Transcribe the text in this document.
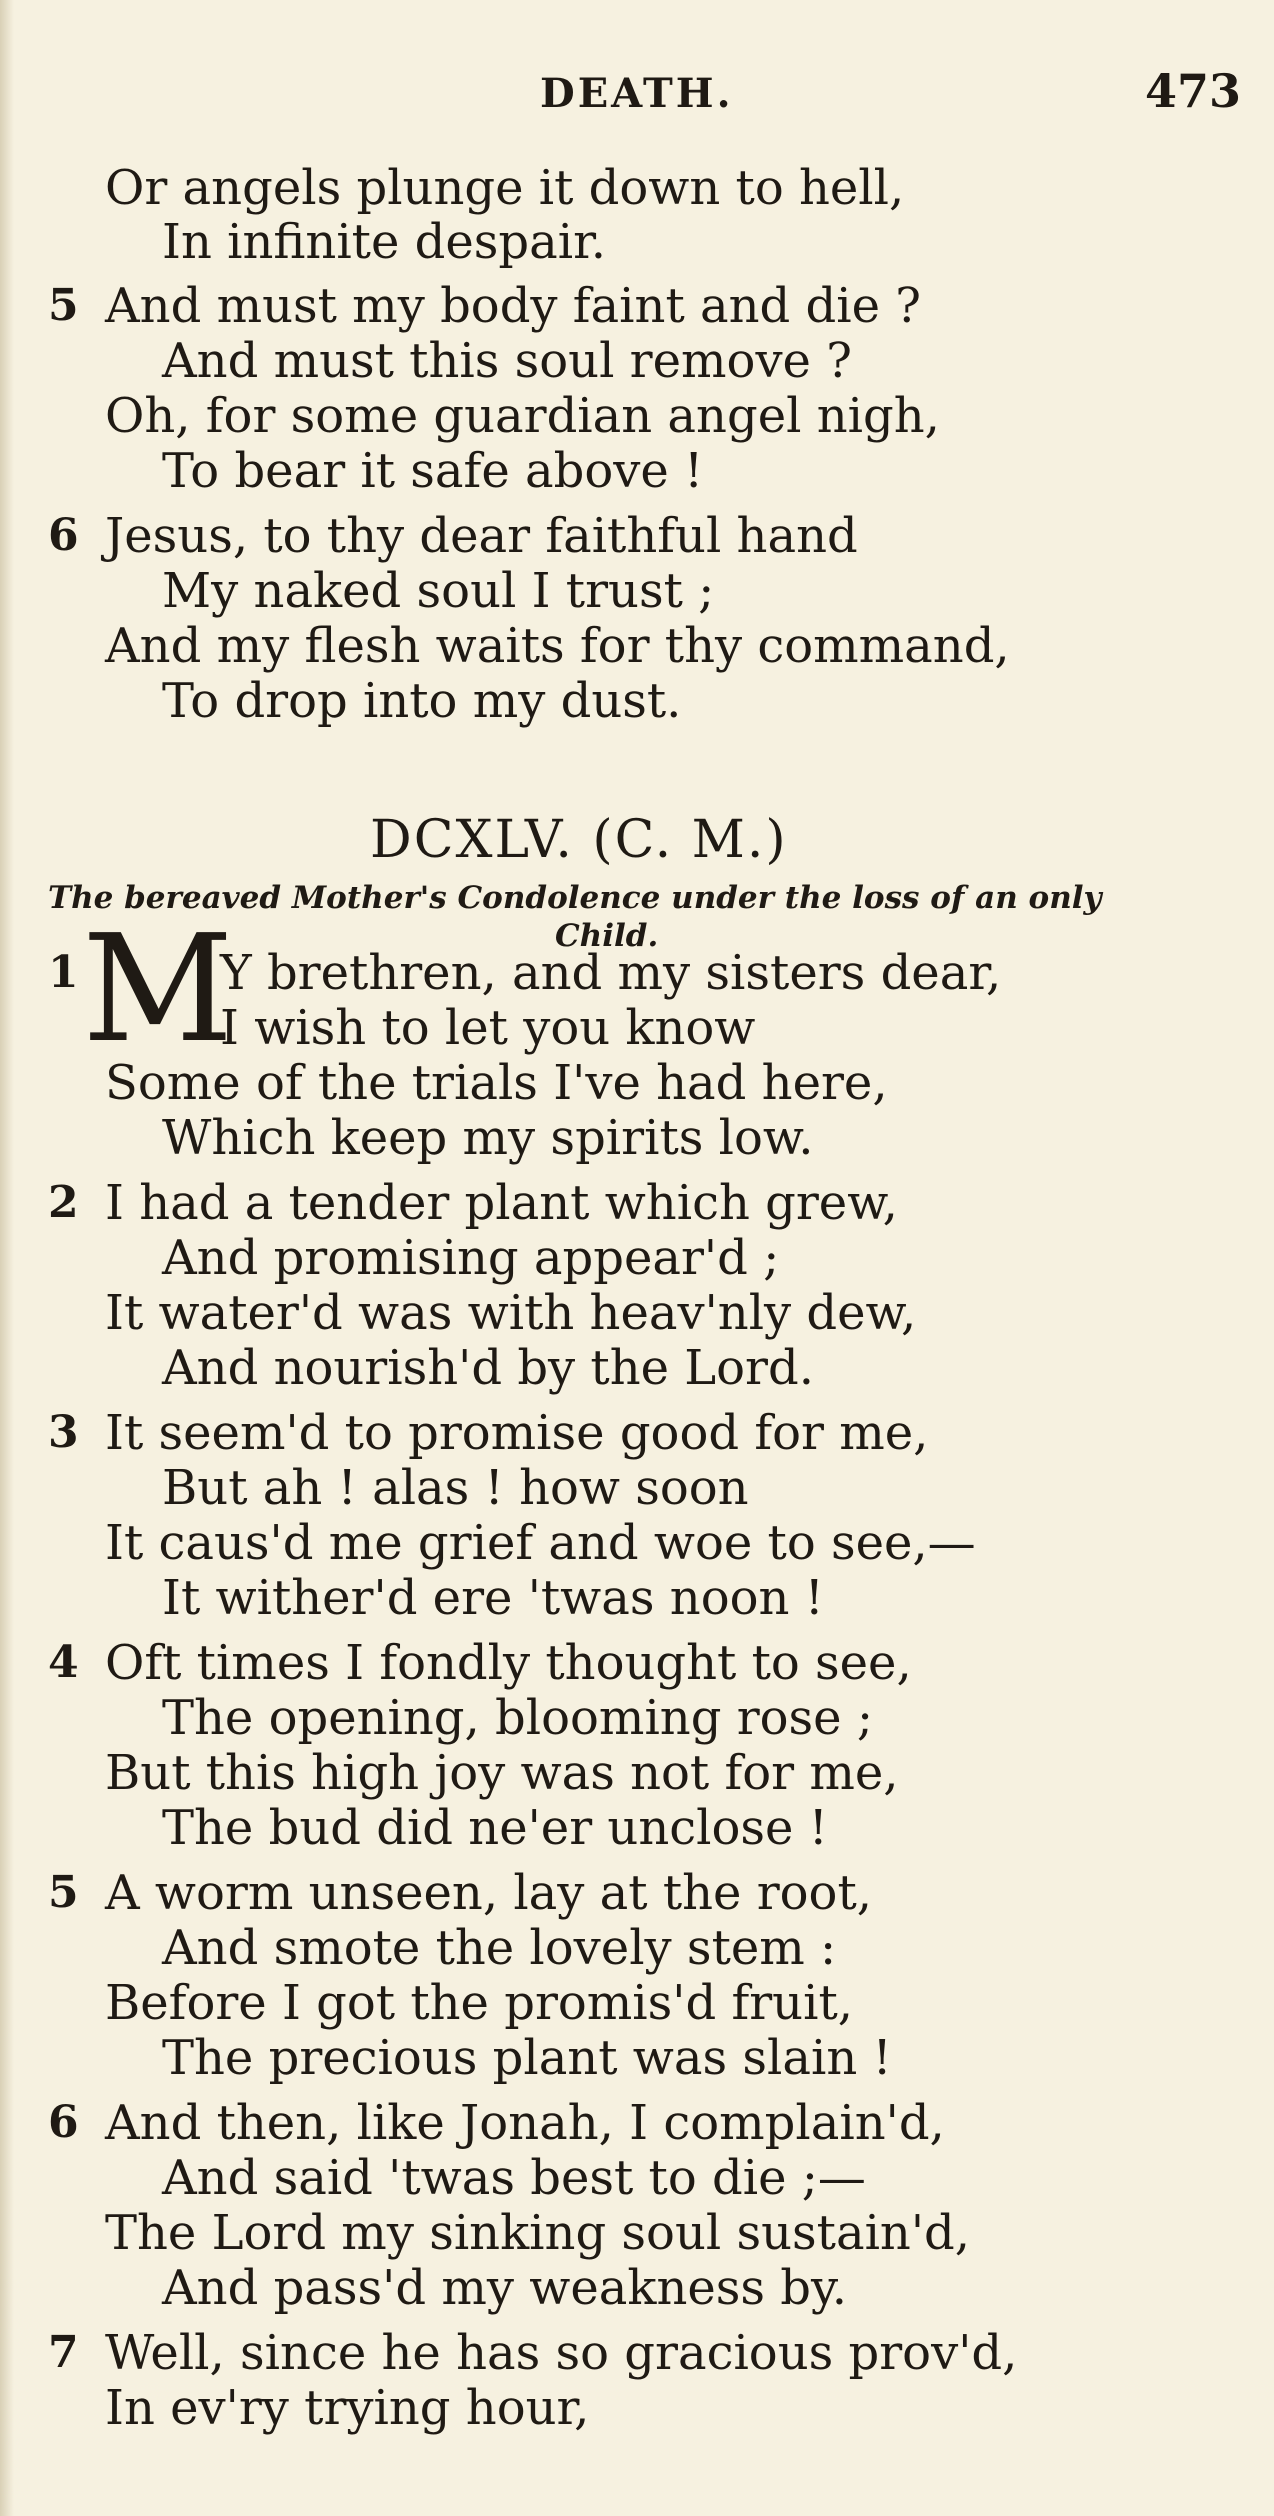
DEATH.	473
Or angels plunge it down to hell,
In infinite despair.
5 And must my body faint and die ?
And must this soul remove ?
Oh, for some guardian angel nigh,
To bear it safe above !
6 Jesus, to thy dear faithful hand
My naked soul I trust ;
And my flesh waits for thy command,
To drop into my dust.
DCXLV. (C. M.)
The bereaved Mother's Condolence under the loss of an only
Child.
1 M
Y brethren, and my sisters dear,
I wish to let you know
Some of the trials I've had here,
Which keep my spirits low.
2 I had a tender plant which grew,
And promising appear'd ;
It water'd was with heav'nly dew,
And nourish'd by the Lord.
3 It seem'd to promise good for me,
But ah ! alas ! how soon
It caus'd me grief and woe to see,—
It wither'd ere 'twas noon !
4 Oft times I fondly thought to see,
The opening, blooming rose ;
But this high joy was not for me,
The bud did ne'er unclose !
5 A worm unseen, lay at the root,
And smote the lovely stem :
Before I got the promis'd fruit,
The precious plant was slain !
6 And then, like Jonah, I complain'd,
And said 'twas best to die ;—
The Lord my sinking soul sustain'd,
And pass'd my weakness by.
7 Well, since he has so gracious prov'd,
In ev'ry trying hour,
